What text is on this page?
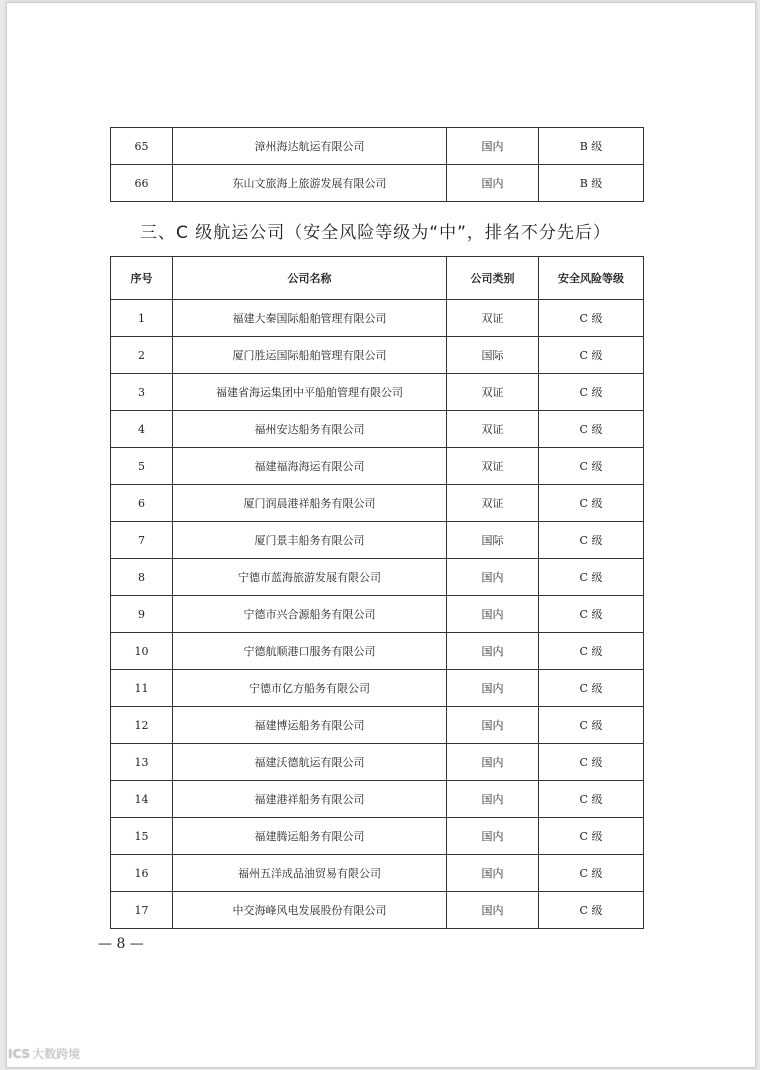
65	漳州海达航运有限公司	国内	B 级
66	东山文旅海上旅游发展有限公司	国内	B 级
三、C 级航运公司（安全风险等级为“中”，排名不分先后）
序号	公司名称	公司类别	安全风险等级
1	福建大秦国际船舶管理有限公司	双证	C 级
2	厦门胜运国际船舶管理有限公司	国际	C 级
3	福建省海运集团中平船舶管理有限公司	双证	C 级
4	福州安达船务有限公司	双证	C 级
5	福建福海海运有限公司	双证	C 级
6	厦门润晨港祥船务有限公司	双证	C 级
7	厦门景丰船务有限公司	国际	C 级
8	宁德市蓝海旅游发展有限公司	国内	C 级
9	宁德市兴合源船务有限公司	国内	C 级
10	宁德航顺港口服务有限公司	国内	C 级
11	宁德市亿方船务有限公司	国内	C 级
12	福建博运船务有限公司	国内	C 级
13	福建沃德航运有限公司	国内	C 级
14	福建港祥船务有限公司	国内	C 级
15	福建腾运船务有限公司	国内	C 级
16	福州五洋成品油贸易有限公司	国内	C 级
17	中交海峰风电发展股份有限公司	国内	C 级
— 8 —
ICS 大数跨境
